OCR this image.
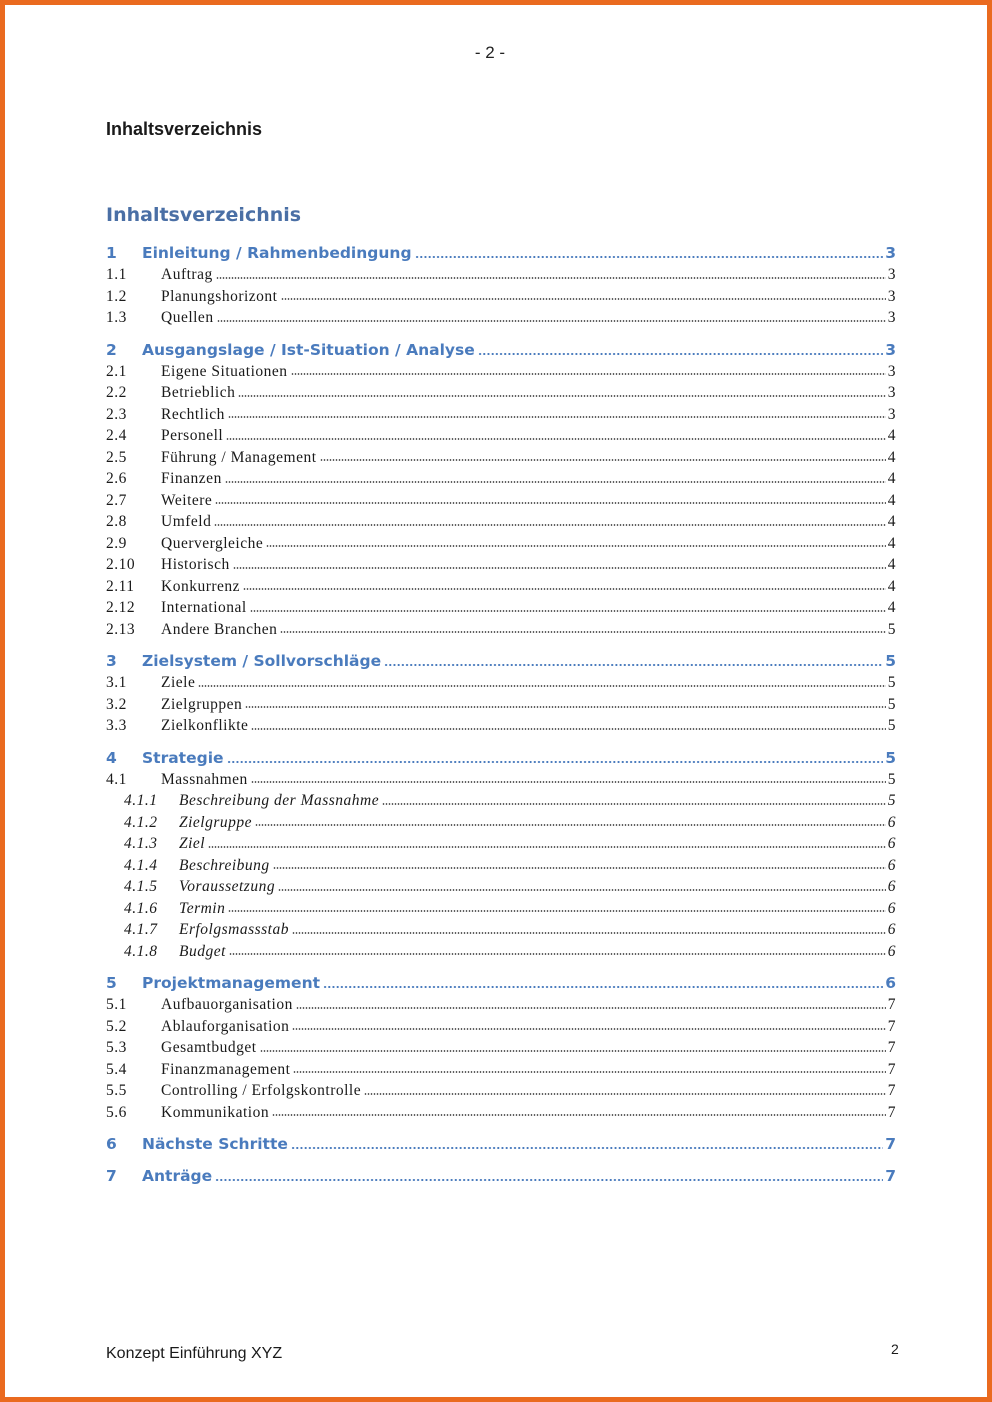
- 2 -
Inhaltsverzeichnis
Inhaltsverzeichnis
1	Einleitung / Rahmenbedingung	3
1.1	Auftrag	3
1.2	Planungshorizont	3
1.3	Quellen	3
2	Ausgangslage / Ist-Situation / Analyse	3
2.1	Eigene Situationen	3
2.2	Betrieblich	3
2.3	Rechtlich	3
2.4	Personell	4
2.5	Führung / Management	4
2.6	Finanzen	4
2.7	Weitere	4
2.8	Umfeld	4
2.9	Quervergleiche	4
2.10	Historisch	4
2.11	Konkurrenz	4
2.12	International	4
2.13	Andere Branchen	5
3	Zielsystem / Sollvorschläge	5
3.1	Ziele	5
3.2	Zielgruppen	5
3.3	Zielkonflikte	5
4	Strategie	5
4.1	Massnahmen	5
4.1.1	Beschreibung der Massnahme	5
4.1.2	Zielgruppe	6
4.1.3	Ziel	6
4.1.4	Beschreibung	6
4.1.5	Voraussetzung	6
4.1.6	Termin	6
4.1.7	Erfolgsmassstab	6
4.1.8	Budget	6
5	Projektmanagement	6
5.1	Aufbauorganisation	7
5.2	Ablauforganisation	7
5.3	Gesamtbudget	7
5.4	Finanzmanagement	7
5.5	Controlling / Erfolgskontrolle	7
5.6	Kommunikation	7
6	Nächste Schritte	7
7	Anträge	7
Konzept Einführung XYZ	2
